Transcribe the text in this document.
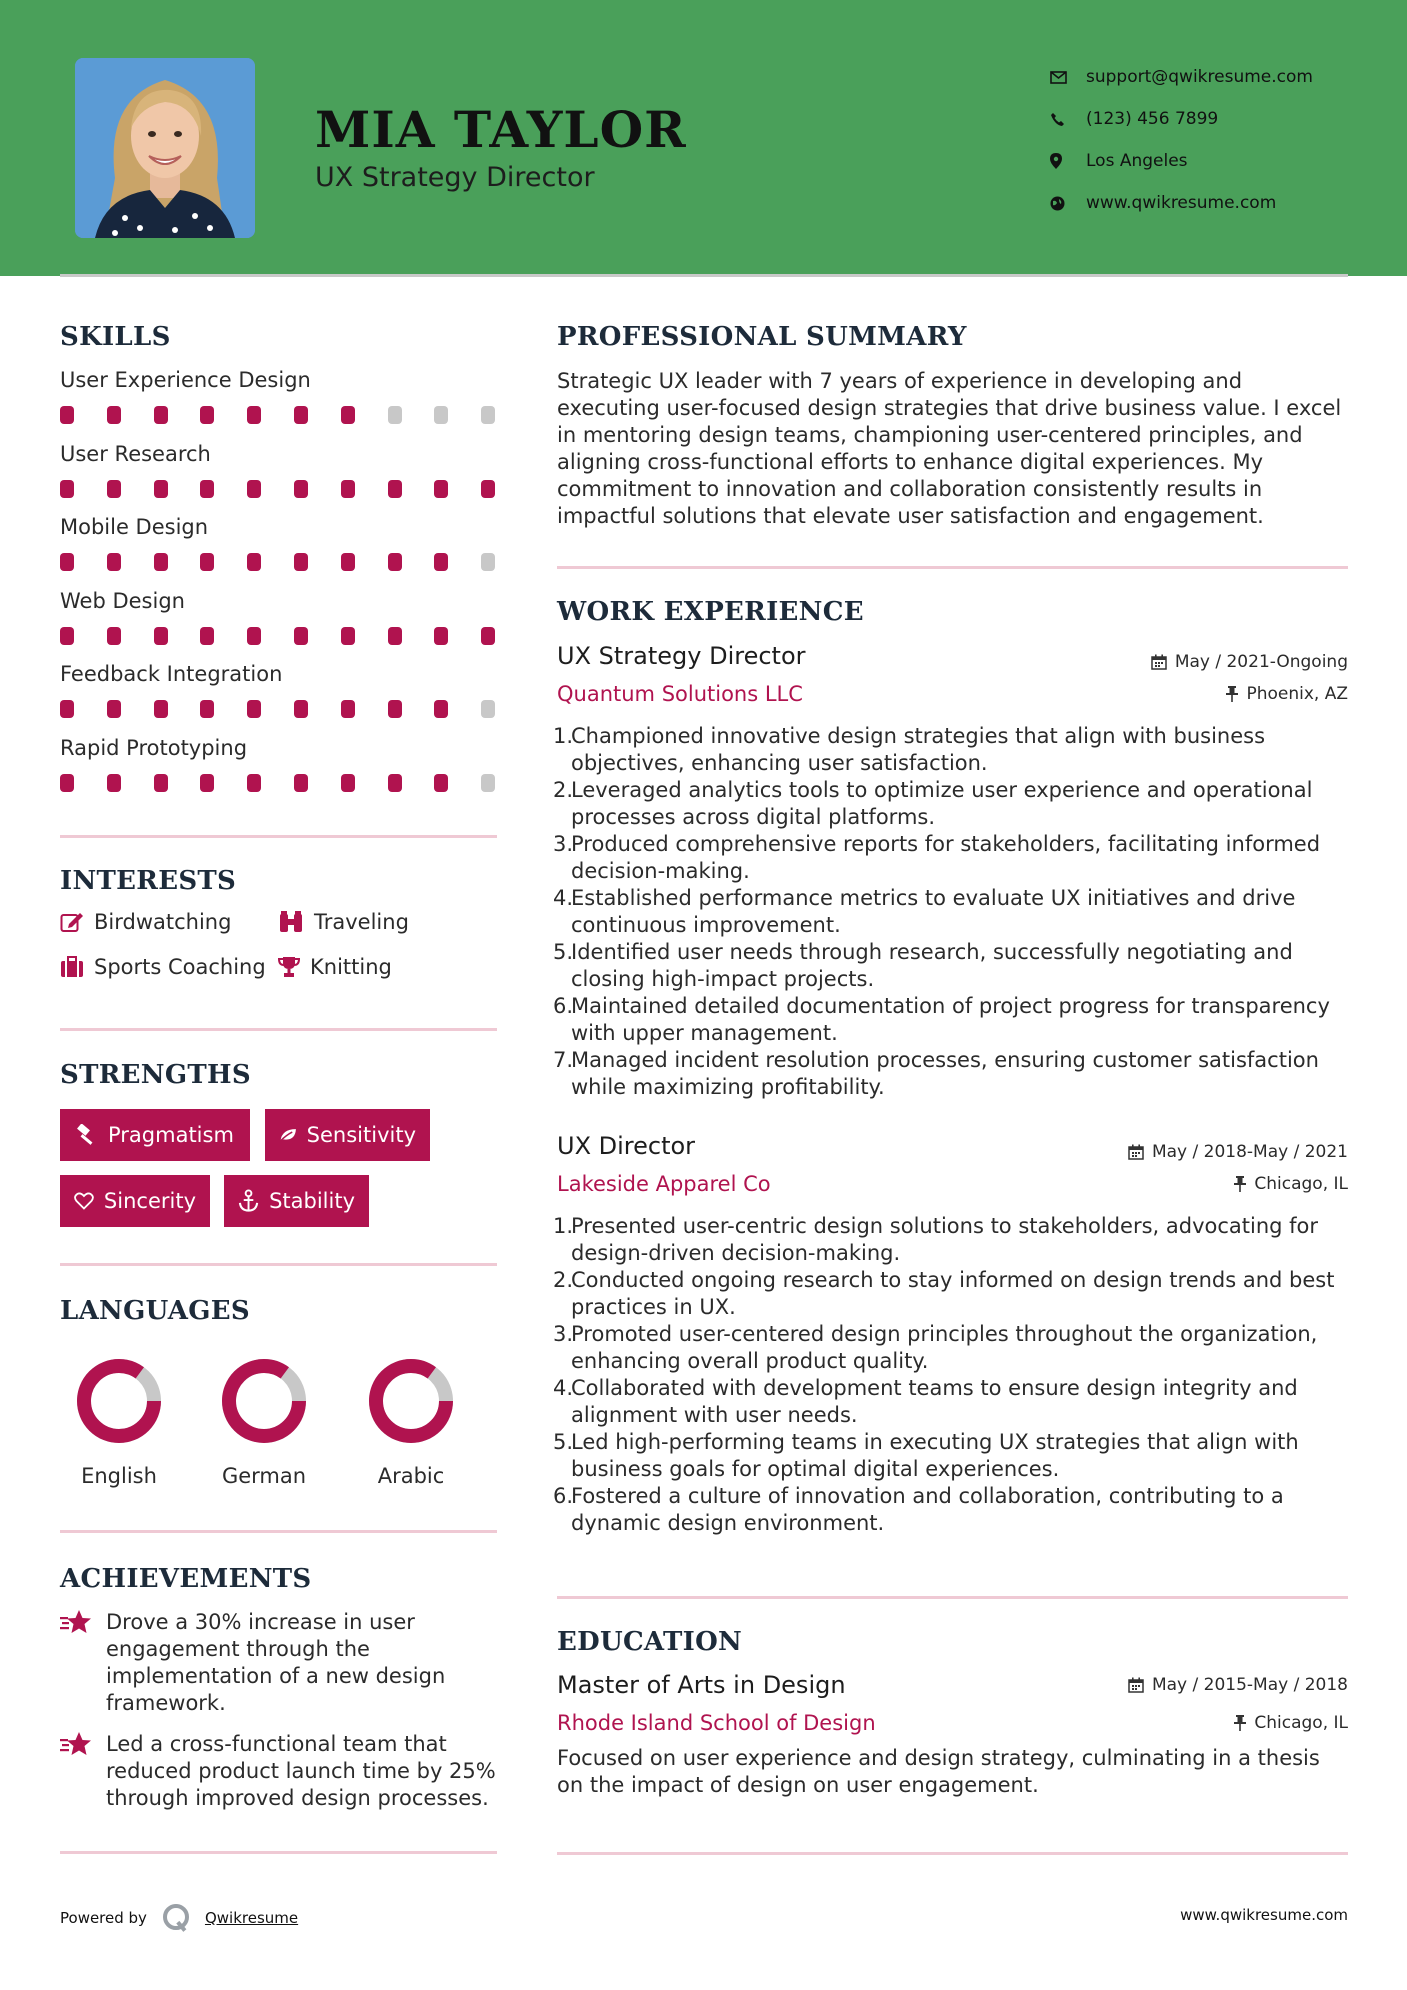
MIA TAYLOR
UX Strategy Director
support@qwikresume.com
(123) 456 7899
Los Angeles
www.qwikresume.com
SKILLS
User Experience Design
User Research
Mobile Design
Web Design
Feedback Integration
Rapid Prototyping
INTERESTS
Birdwatching	Traveling
Sports Coaching Knitting
STRENGTHS
Pragmatism	Sensitivity
Sincerity	Stability
LANGUAGES
English	German	Arabic
ACHIEVEMENTS
Drove a 30% increase in user engagement through the implementation of a new design framework.
Led a cross-functional team that reduced product launch time by 25% through improved design processes.
PROFESSIONAL SUMMARY
Strategic UX leader with 7 years of experience in developing and executing user-focused design strategies that drive business value. I excel in mentoring design teams, championing user-centered principles, and aligning cross-functional efforts to enhance digital experiences. My commitment to innovation and collaboration consistently results in impactful solutions that elevate user satisfaction and engagement.
WORK EXPERIENCE
UX Strategy Director	May / 2021-Ongoing
Quantum Solutions LLC	Phoenix, AZ
1.
Championed innovative design strategies that align with business objectives, enhancing user satisfaction.
2.
Leveraged analytics tools to optimize user experience and operational processes across digital platforms.
3.
Produced comprehensive reports for stakeholders, facilitating informed decision-making.
4.
Established performance metrics to evaluate UX initiatives and drive continuous improvement.
5.
Identified user needs through research, successfully negotiating and closing high-impact projects.
6.
Maintained detailed documentation of project progress for transparency with upper management.
7.
Managed incident resolution processes, ensuring customer satisfaction while maximizing profitability.
UX Director	May / 2018-May / 2021
Lakeside Apparel Co	Chicago, IL
1.
Presented user-centric design solutions to stakeholders, advocating for design-driven decision-making.
2.
Conducted ongoing research to stay informed on design trends and best practices in UX.
3.
Promoted user-centered design principles throughout the organization, enhancing overall product quality.
4.
Collaborated with development teams to ensure design integrity and alignment with user needs.
5.
Led high-performing teams in executing UX strategies that align with business goals for optimal digital experiences.
6.
Fostered a culture of innovation and collaboration, contributing to a dynamic design environment.
EDUCATION
Master of Arts in Design	May / 2015-May / 2018
Rhode Island School of Design	Chicago, IL
Focused on user experience and design strategy, culminating in a thesis on the impact of design on user engagement.
Powered by	Qwikresume	www.qwikresume.com
